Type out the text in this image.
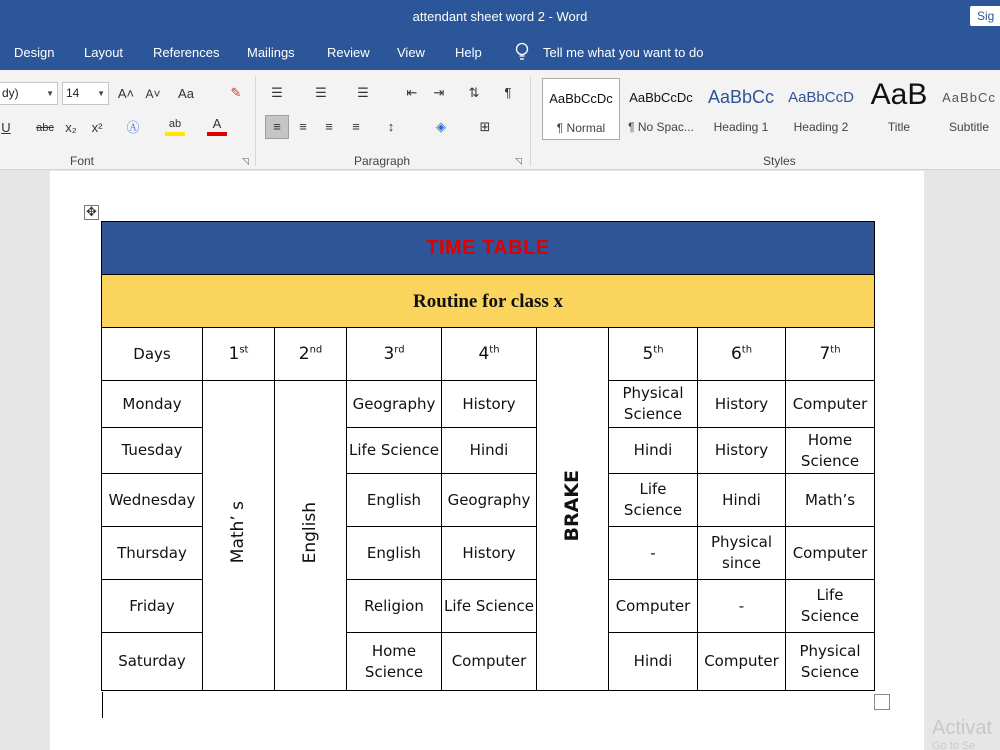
attendant sheet word 2 - Word	Sig
Design Layout References Mailings Review View Help	Tell me what you want to do
dy)	▼	14 ▼ A˄ A˅	Aa	✎
U abc x₂ x² Ⓐ	ab	A
Font	◹
☰	☰	☰	⇤	⇥	⇅	¶
≡	≡	≡	≡	↕	◈	⊞
Paragraph	◹
AaBbCcDc
¶ Normal
AaBbCcDc
¶ No Spac...
AaBbCc
Heading 1
AaBbCcD
Heading 2
AaB
Title
AaBbCc
Subtitle
Styles
✥
TIME TABLE								
Routine for class x								
Days	1st	2nd	3rd	4th	BRAKE	5th	6th	7th
Monday	Math’ s	English	Geography	History		Physical Science	History	Computer
Tuesday			Life Science	Hindi		Hindi	History	Home Science
Wednesday			English	Geography		Life Science	Hindi	Math’s
Thursday			English	History		-	Physical since	Computer
Friday			Religion	Life Science		Computer	-	Life Science
Saturday			Home Science	Computer		Hindi	Computer	Physical Science
Activat
Go to Se
